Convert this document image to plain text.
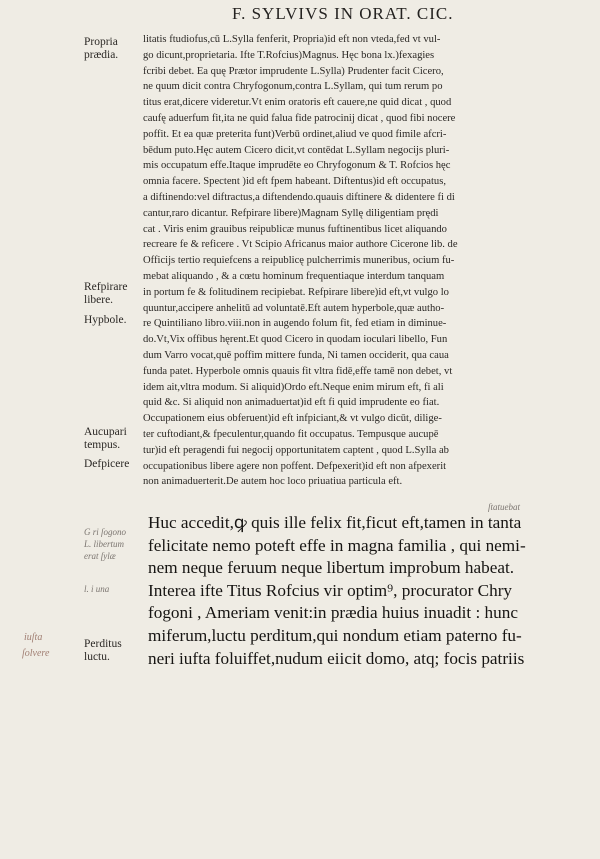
F. SYLVIVS IN ORAT. CIC.
Propria prædia.
Refpirare libere.
Hypbole.
Aucupari tempus.
Defpicere
Perditus luctu.
litatis ftudiofus,cū L.Sylla fenferit, Propria)id eft non vteda,fed vt vul-
go dicunt,proprietaria. Ifte T.Rofcius)Magnus. Hęc bona lx.)fexagies
fcribi debet. Ea quę Prætor imprudente L.Sylla) Prudenter facit Cicero,
ne quum dicit contra Chryfogonum,contra L.Syllam, qui tum rerum po
titus erat,dicere videretur.Vt enim oratoris eft cauere,ne quid dicat , quod
caufę aduerfum fit,ita ne quid falua fide patrocinij dicat , quod fibi nocere
poffit. Et ea quæ preterita funt)Verbū ordinet,aliud ve quod fimile afcri-
bēdum puto.Hęc autem Cicero dicit,vt contēdat L.Syllam negocijs pluri-
mis occupatum effe.Itaque imprudēte eo Chryfogonum & T. Rofcios hęc
omnia facere. Spectent )id eft fpem habeant. Diftentus)id eft occupatus,
a diftinendo:vel diftractus,a diftendendo.quauis diftinere & didentere fi di
cantur,raro dicantur. Refpirare libere)Magnam Syllę diligentiam prędi
cat . Viris enim grauibus reipublicæ munus fuftinentibus licet aliquando
recreare fe & reficere . Vt Scipio Africanus maior authore Cicerone lib. de
Officijs tertio requiefcens a reipublicę pulcherrimis muneribus, ocium fu-
mebat aliquando , & a cœtu hominum frequentiaque interdum tanquam
in portum fe & folitudinem recipiebat. Refpirare libere)id eft,vt vulgo lo
quuntur,accipere anhelitū ad voluntatē.Eft autem hyperbole,quæ autho-
re Quintiliano libro.viii.non in augendo folum fit, fed etiam in diminue-
do.Vt,Vix offibus hęrent.Et quod Cicero in quodam ioculari libello, Fun
dum Varro vocat,quē poffim mittere funda, Ni tamen occiderit, qua caua
funda patet. Hyperbole omnis quauis fit vltra fidē,effe tamē non debet, vt
idem ait,vltra modum. Si aliquid)Ordo eft.Neque enim mirum eft, fi ali
quid &c. Si aliquid non animaduertat)id eft fi quid imprudente eo fiat.
Occupationem eius obferuent)id eft infpiciant,& vt vulgo dicūt, dilige-
ter cuftodiant,& fpeculentur,quando fit occupatus. Tempusque aucupē
tur)id eft peragendi fui negocij opportunitatem captent , quod L.Sylla ab
occupationibus libere agere non poffent. Defpexerit)id eft non afpexerit
non animaduerterit.De autem hoc loco priuatiua particula eft.
G ri ſogono
L. libertum
erat ſylæ
l. i una
ſtatuebat
iuſta
ſolvere
Huc accedit,ꝙ quis ille felix fit,ficut eft,tamen in tanta
felicitate nemo poteft effe in magna familia , qui nemi-
nem neque feruum neque libertum improbum habeat.
Interea ifte Titus Rofcius vir optim⁹, procurator Chry
fogoni , Ameriam venit:in prædia huius inuadit : hunc
miferum,luctu perditum,qui nondum etiam paterno fu-
neri iufta foluiffet,nudum eiicit domo, atq; focis patriis
